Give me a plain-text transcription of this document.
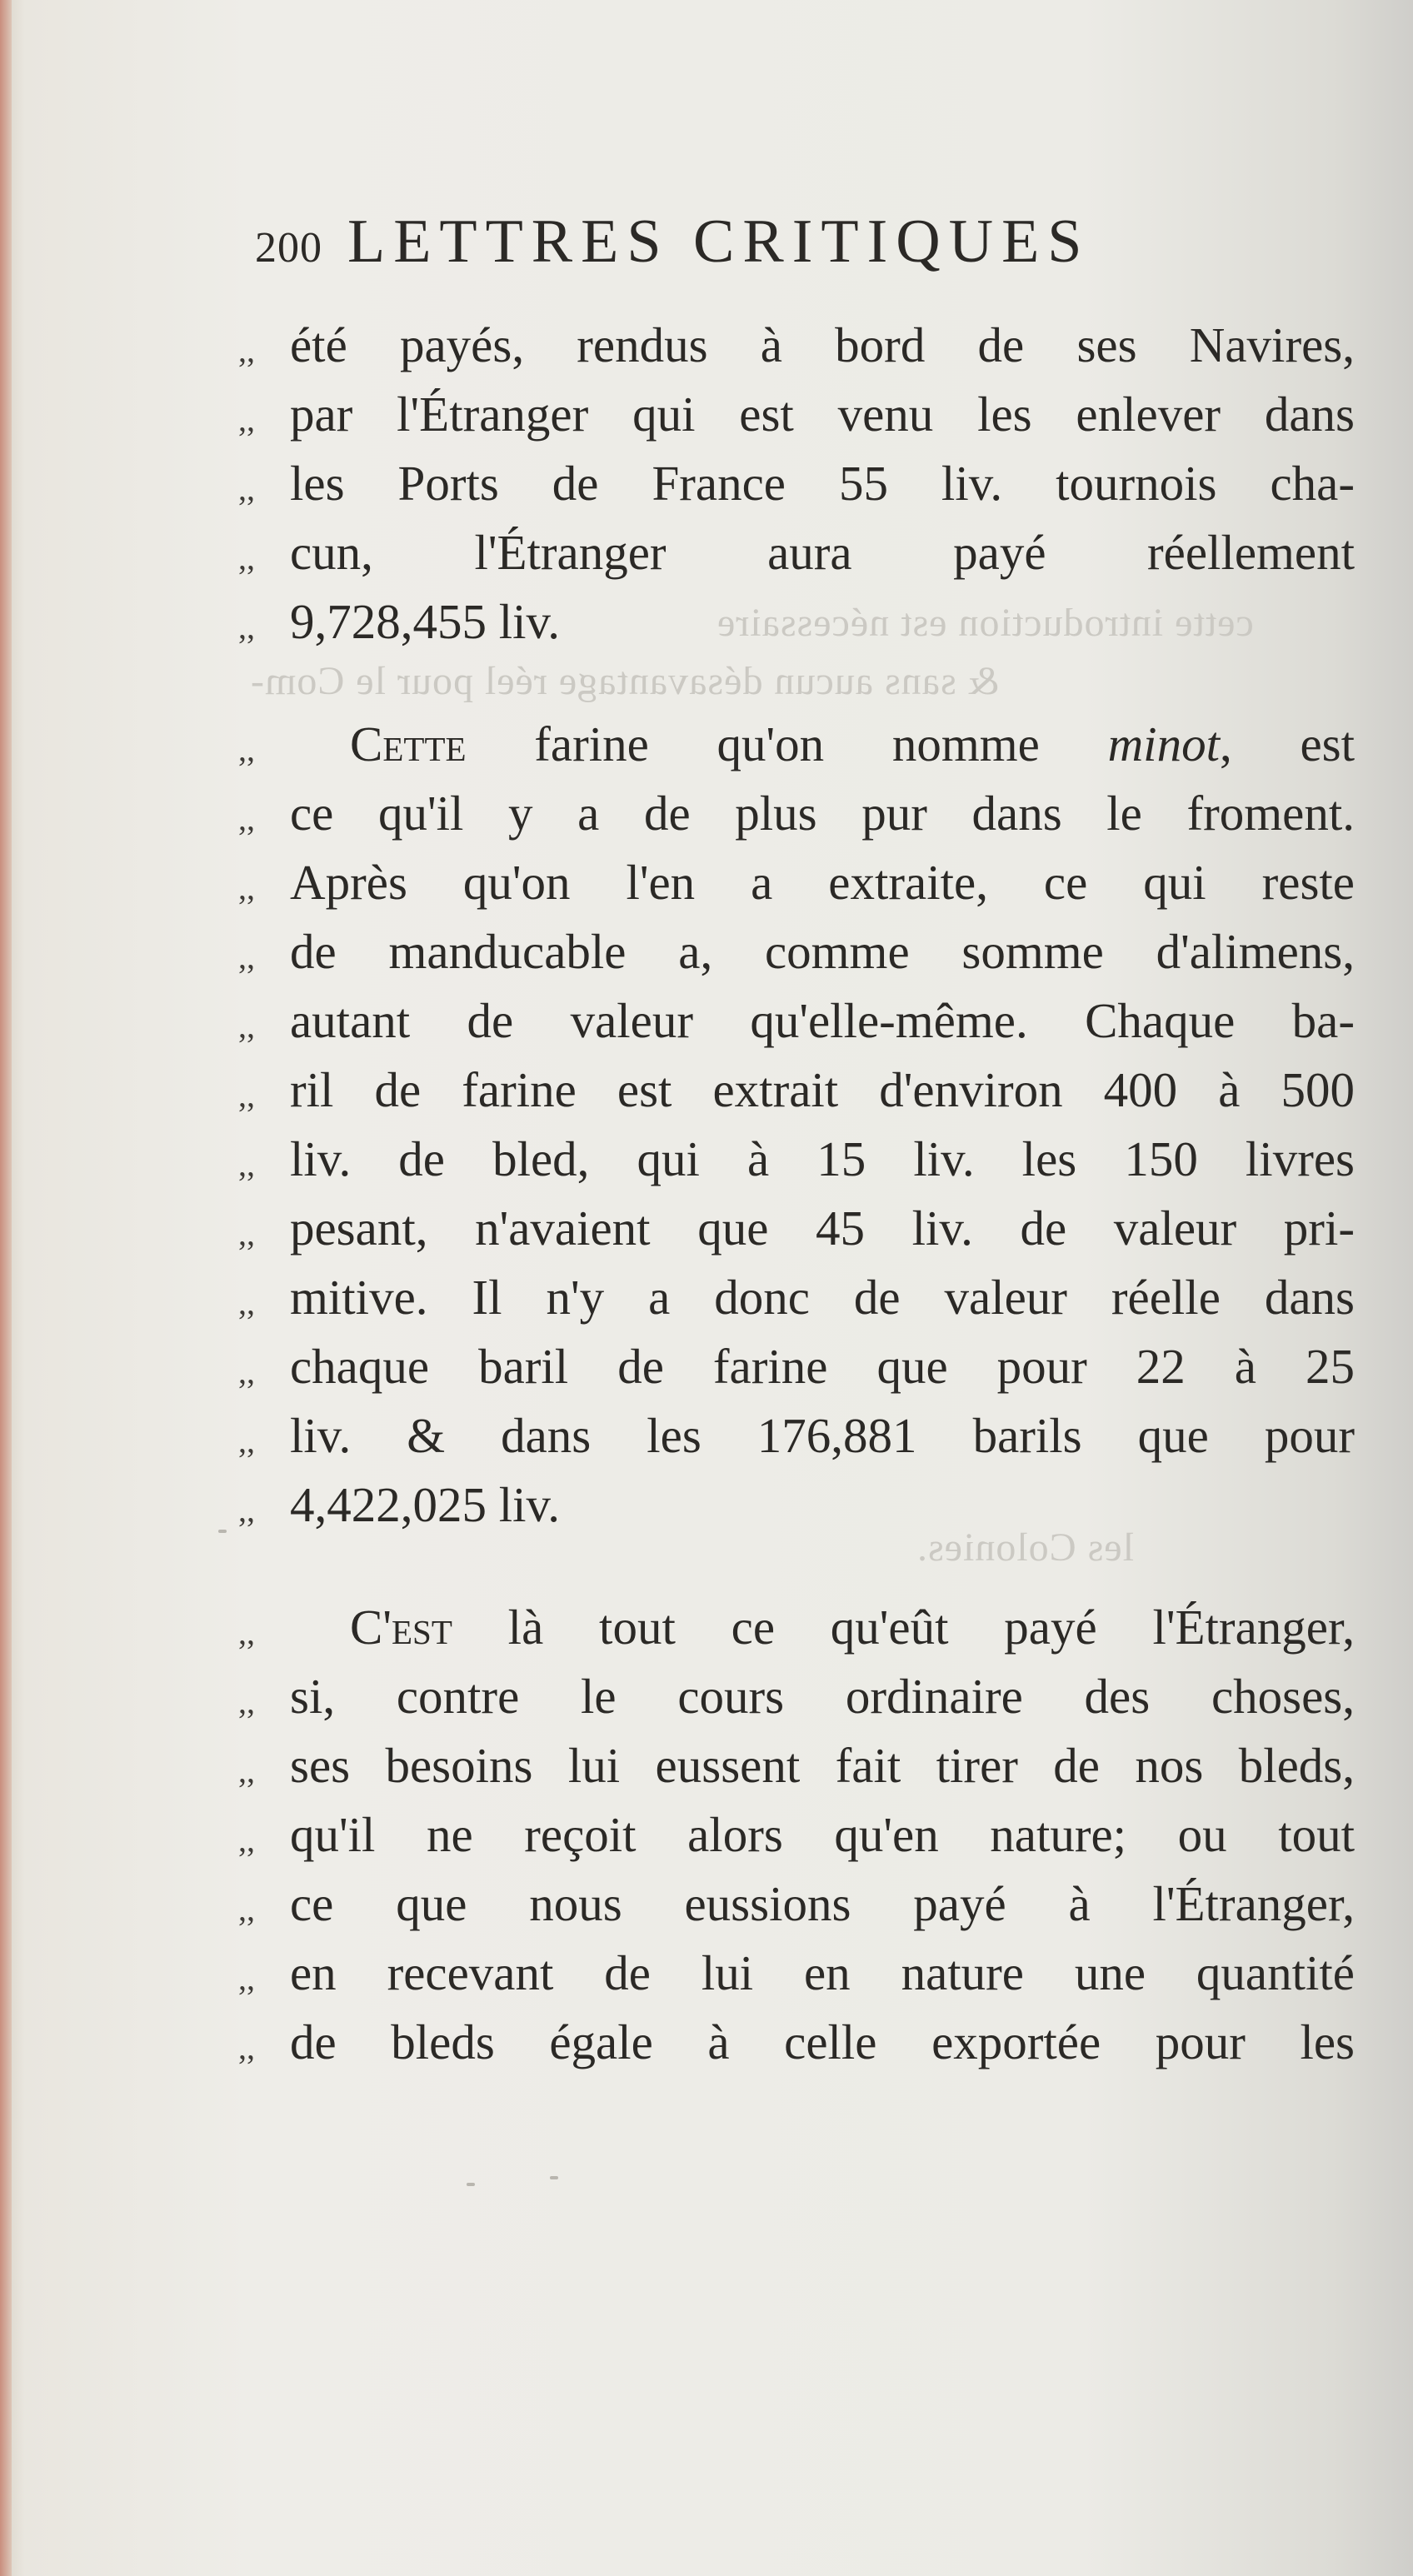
cette introduction est nécessaire
& sans aucun désavantage réel pour le Com-
les Colonies.
200 LETTRES CRITIQUES
,, été payés, rendus à bord de ses Navires,
,, par l'Étranger qui est venu les enlever dans
,, les Ports de France 55 liv. tournois cha-
,, cun, l'Étranger aura payé réellement
,, 9,728,455 liv.
,,	Cette farine qu'on nomme minot, est
,, ce qu'il y a de plus pur dans le froment.
,, Après qu'on l'en a extraite, ce qui reste
,, de manducable a, comme somme d'alimens,
,, autant de valeur qu'elle-même. Chaque ba-
,, ril de farine est extrait d'environ 400 à 500
,, liv. de bled, qui à 15 liv. les 150 livres
,, pesant, n'avaient que 45 liv. de valeur pri-
,, mitive. Il n'y a donc de valeur réelle dans
,, chaque baril de farine que pour 22 à 25
,, liv. & dans les 176,881 barils que pour
,, 4,422,025 liv.
,,	C'est là tout ce qu'eût payé l'Étranger,
,, si, contre le cours ordinaire des choses,
,, ses besoins lui eussent fait tirer de nos bleds,
,, qu'il ne reçoit alors qu'en nature; ou tout
,, ce que nous eussions payé à l'Étranger,
,, en recevant de lui en nature une quantité
,, de bleds égale à celle exportée pour les
